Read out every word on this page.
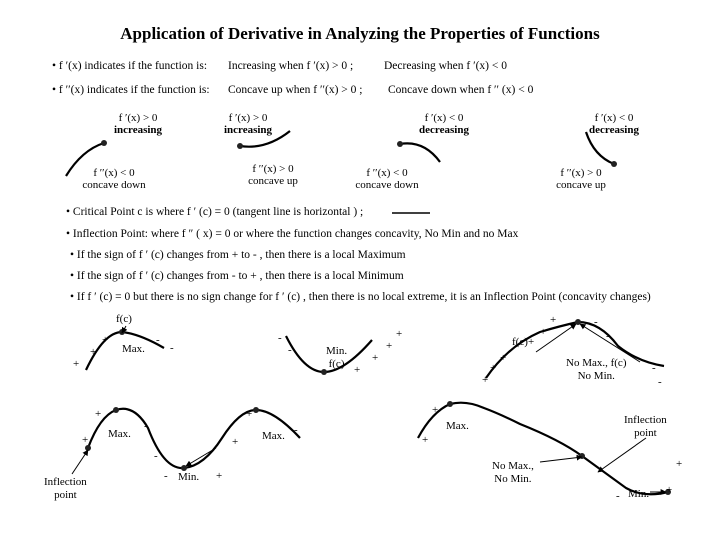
Application of Derivative in Analyzing the Properties of Functions
• f ′(x) indicates if the function is: Increasing when f ′(x) > 0 ;	Decreasing when f ′(x) < 0
• f ′′(x) indicates if the function is: Concave up when f ′′(x) > 0 ; Concave down when f ′′ (x) < 0
f ′(x) > 0
increasing
f ′′(x) < 0
concave down
f ′(x) > 0
increasing
f ′′(x) > 0
concave up
f ′(x) < 0
decreasing
f ′′(x) < 0
concave down
f ′(x) < 0
decreasing
f ′′(x) > 0
concave up
• Critical Point c is where f ′ (c) = 0 (tangent line is horizontal ) ;
• Inflection Point: where f ″ ( x) = 0 or where the function changes concavity, No Min and no Max
• If the sign of f ′ (c) changes from + to - , then there is a local Maximum
• If the sign of f ′ (c) changes from - to + , then there is a local Minimum
• If f ′ (c) = 0 but there is no sign change for f ′ (c) , then there is no local extreme, it is an Inflection Point (concavity changes)
f(c)
Max.	Min.
f(c)
f(c)
No Max., f(c)
No Min.
Max.
Min.
Max.
Max.
Inflection
point
No Max.,
No Min.
Inflection
point
Min.
+
+
+
-
-
-
-
+
+
+
+
+
+
+
+
+
+	-
-
-
-
+
+
-
-
-	+
+
+
-
+
+
+
+
-
